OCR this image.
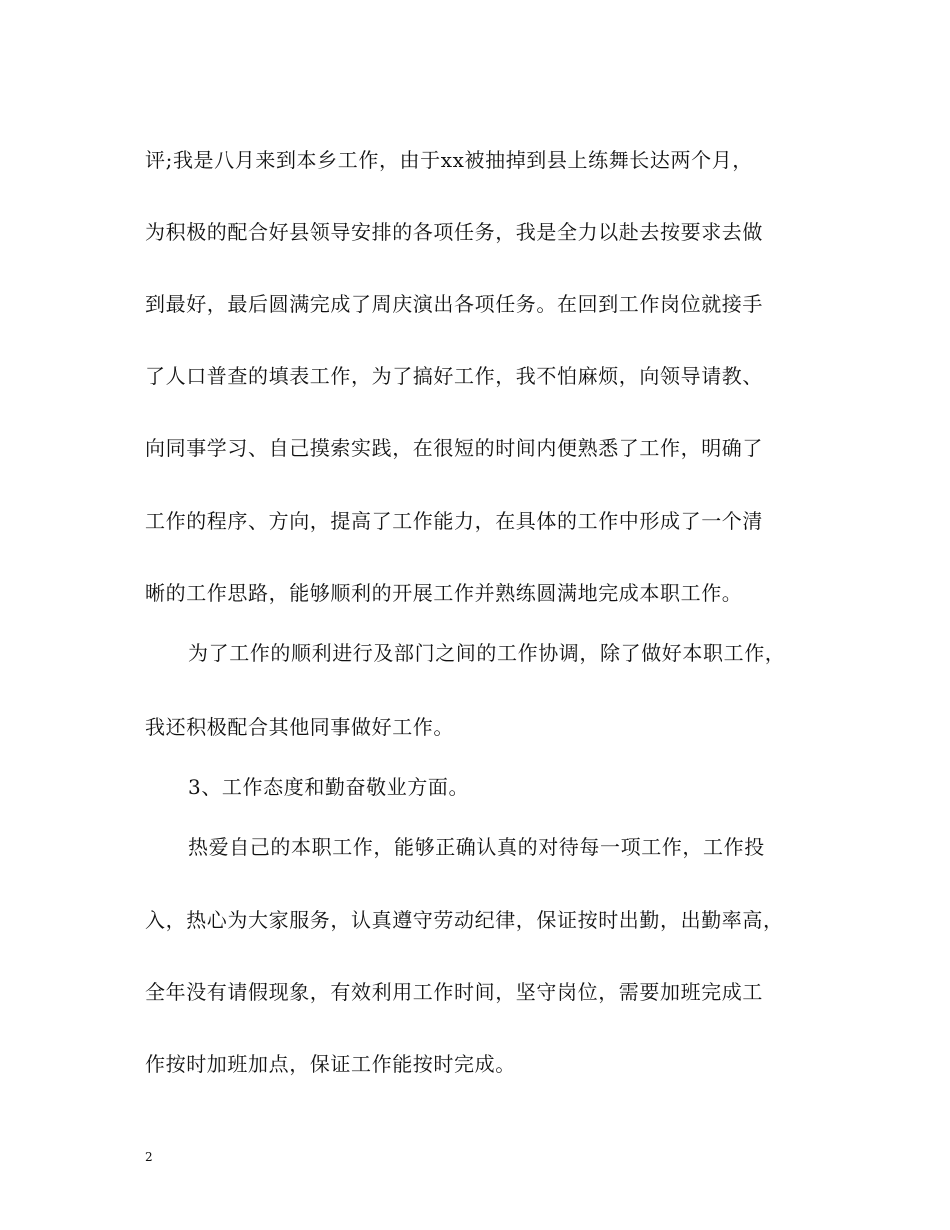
评;我是八月来到本乡工作，由于xx被抽掉到县上练舞长达两个月，
为积极的配合好县领导安排的各项任务，我是全力以赴去按要求去做
到最好，最后圆满完成了周庆演出各项任务。在回到工作岗位就接手
了人口普查的填表工作，为了搞好工作，我不怕麻烦，向领导请教、
向同事学习、自己摸索实践，在很短的时间内便熟悉了工作，明确了
工作的程序、方向，提高了工作能力，在具体的工作中形成了一个清
晰的工作思路，能够顺利的开展工作并熟练圆满地完成本职工作。
为了工作的顺利进行及部门之间的工作协调，除了做好本职工作，
我还积极配合其他同事做好工作。
3、工作态度和勤奋敬业方面。
热爱自己的本职工作，能够正确认真的对待每一项工作，工作投
入，热心为大家服务，认真遵守劳动纪律，保证按时出勤，出勤率高，
全年没有请假现象，有效利用工作时间，坚守岗位，需要加班完成工
作按时加班加点，保证工作能按时完成。
2
